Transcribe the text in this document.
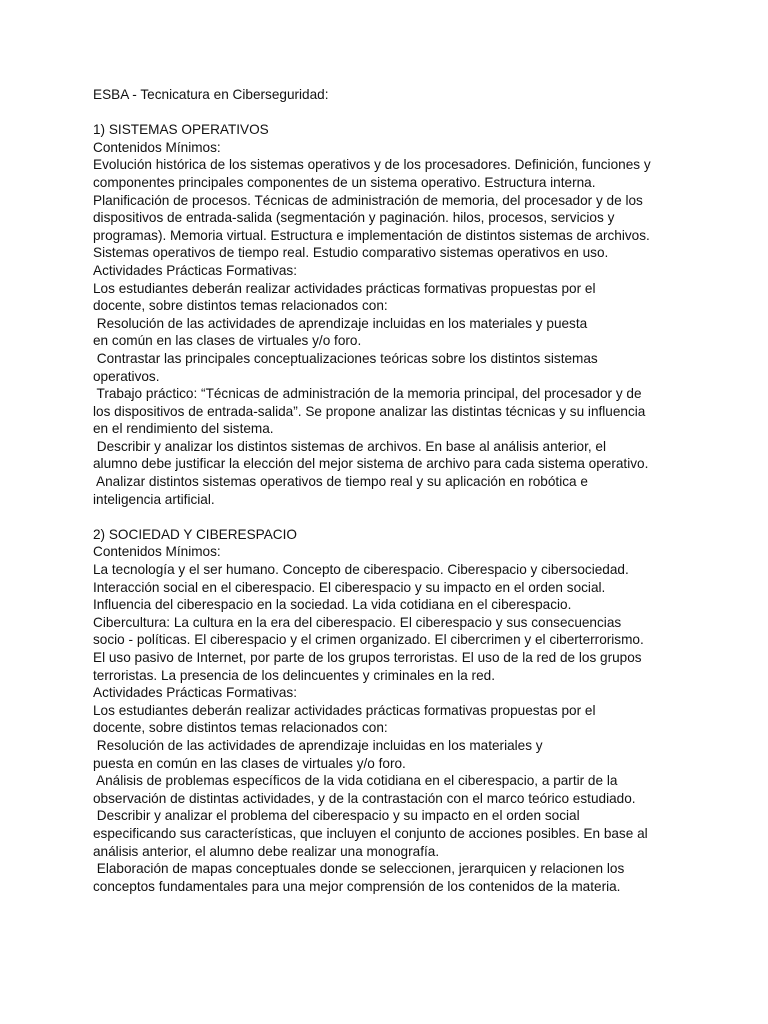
ESBA - Tecnicatura en Ciberseguridad:
1) SISTEMAS OPERATIVOS
Contenidos Mínimos:
Evolución histórica de los sistemas operativos y de los procesadores. Definición, funciones y
componentes principales componentes de un sistema operativo. Estructura interna.
Planificación de procesos. Técnicas de administración de memoria, del procesador y de los
dispositivos de entrada-salida (segmentación y paginación. hilos, procesos, servicios y
programas). Memoria virtual. Estructura e implementación de distintos sistemas de archivos.
Sistemas operativos de tiempo real. Estudio comparativo sistemas operativos en uso.
Actividades Prácticas Formativas:
Los estudiantes deberán realizar actividades prácticas formativas propuestas por el
docente, sobre distintos temas relacionados con:
Resolución de las actividades de aprendizaje incluidas en los materiales y puesta
en común en las clases de virtuales y/o foro.
Contrastar las principales conceptualizaciones teóricas sobre los distintos sistemas
operativos.
Trabajo práctico: “Técnicas de administración de la memoria principal, del procesador y de
los dispositivos de entrada-salida”. Se propone analizar las distintas técnicas y su influencia
en el rendimiento del sistema.
Describir y analizar los distintos sistemas de archivos. En base al análisis anterior, el
alumno debe justificar la elección del mejor sistema de archivo para cada sistema operativo.
Analizar distintos sistemas operativos de tiempo real y su aplicación en robótica e
inteligencia artificial.
2) SOCIEDAD Y CIBERESPACIO
Contenidos Mínimos:
La tecnología y el ser humano. Concepto de ciberespacio. Ciberespacio y cibersociedad.
Interacción social en el ciberespacio. El ciberespacio y su impacto en el orden social.
Influencia del ciberespacio en la sociedad. La vida cotidiana en el ciberespacio.
Cibercultura: La cultura en la era del ciberespacio. El ciberespacio y sus consecuencias
socio - políticas. El ciberespacio y el crimen organizado. El cibercrimen y el ciberterrorismo.
El uso pasivo de Internet, por parte de los grupos terroristas. El uso de la red de los grupos
terroristas. La presencia de los delincuentes y criminales en la red.
Actividades Prácticas Formativas:
Los estudiantes deberán realizar actividades prácticas formativas propuestas por el
docente, sobre distintos temas relacionados con:
Resolución de las actividades de aprendizaje incluidas en los materiales y
puesta en común en las clases de virtuales y/o foro.
Análisis de problemas específicos de la vida cotidiana en el ciberespacio, a partir de la
observación de distintas actividades, y de la contrastación con el marco teórico estudiado.
Describir y analizar el problema del ciberespacio y su impacto en el orden social
especificando sus características, que incluyen el conjunto de acciones posibles. En base al
análisis anterior, el alumno debe realizar una monografía.
Elaboración de mapas conceptuales donde se seleccionen, jerarquicen y relacionen los
conceptos fundamentales para una mejor comprensión de los contenidos de la materia.
